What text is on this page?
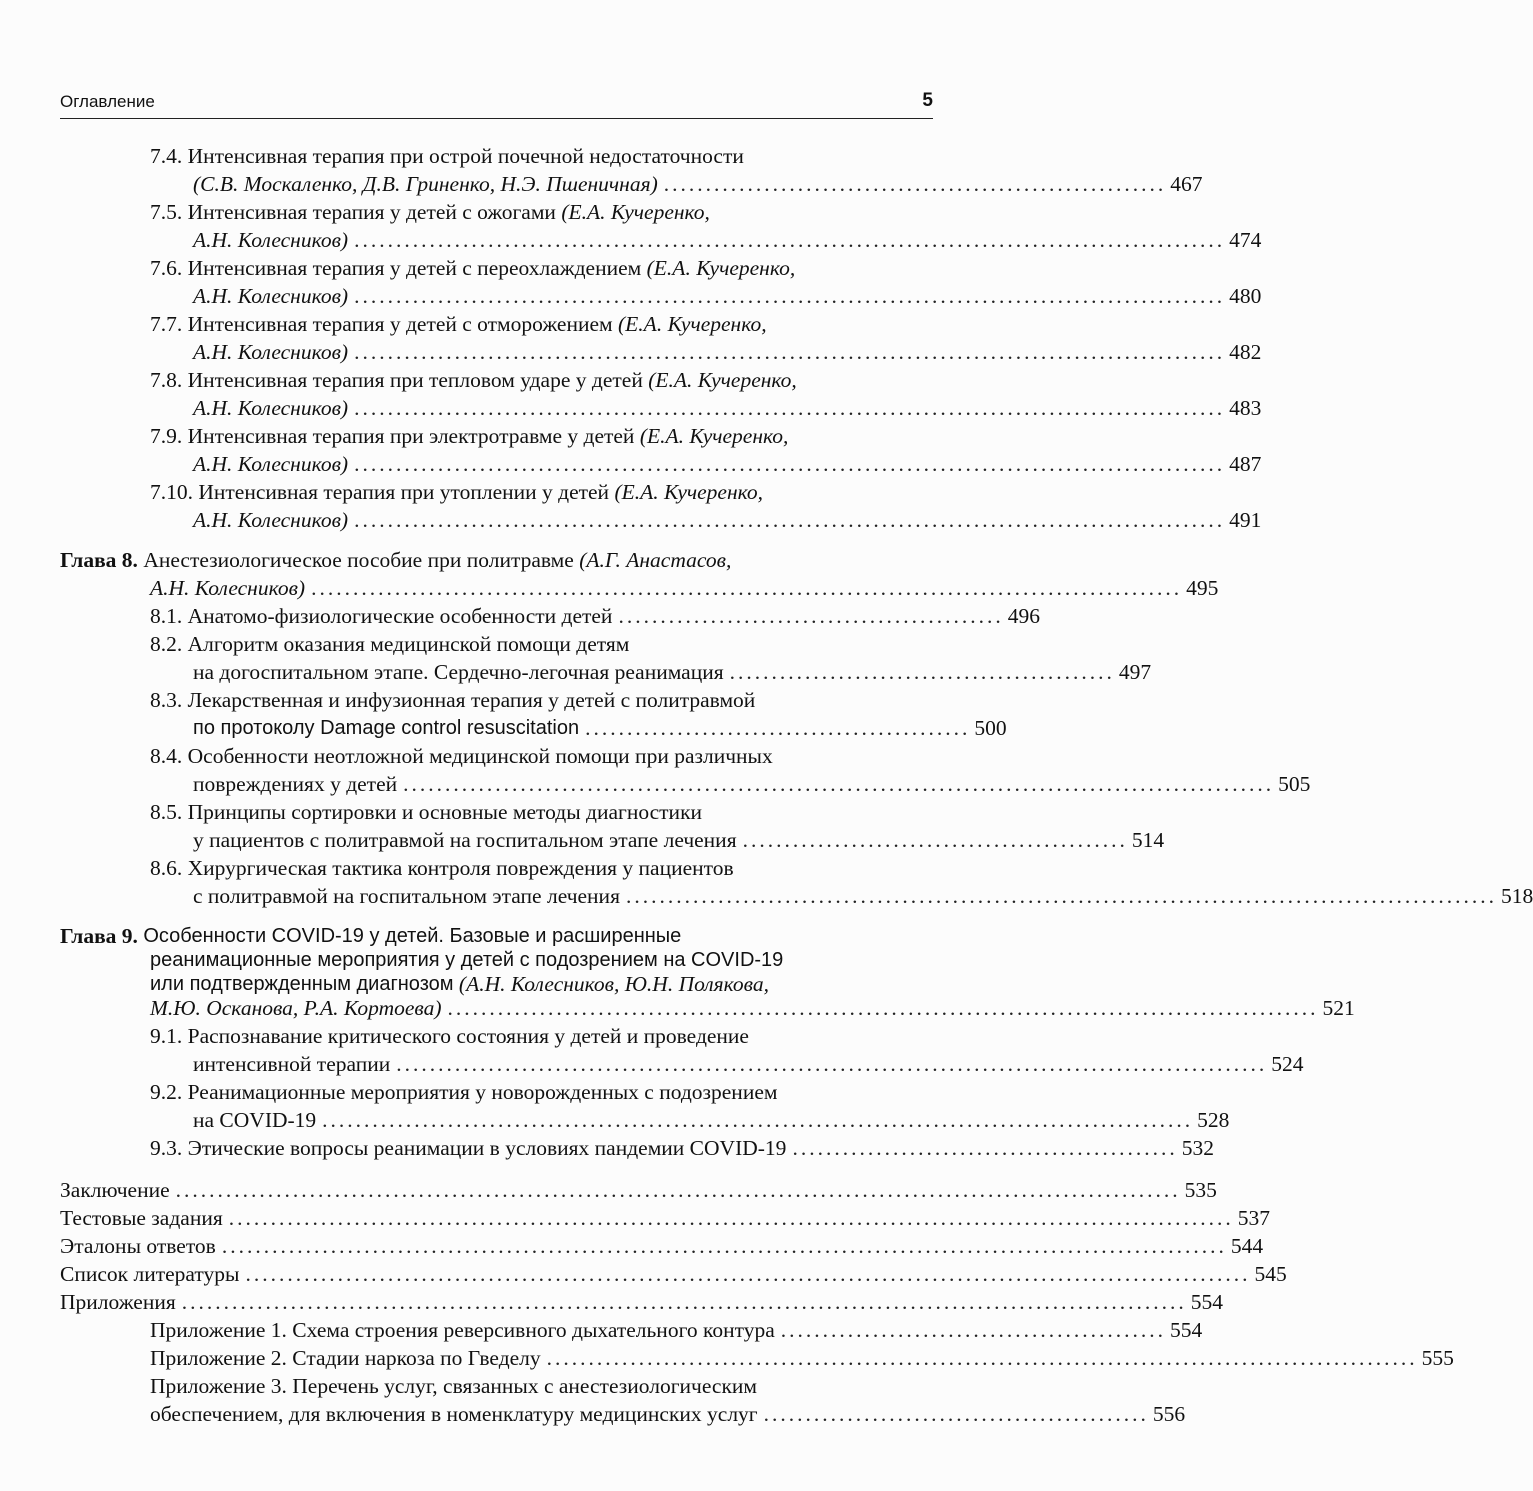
Оглавление	5
7.4.
Интенсивная терапия при острой почечной недостаточности
(С.В. Москаленко, Д.В. Гриненко, Н.Э. Пшеничная) ............................................................ 467
7.5.
Интенсивная терапия у детей с ожогами
(Е.А. Кучеренко,
А.Н. Колесников) ........................................................................................................ 474
7.6.
Интенсивная терапия у детей с переохлаждением
(Е.А. Кучеренко,
А.Н. Колесников) ........................................................................................................ 480
7.7.
Интенсивная терапия у детей с отморожением
(Е.А. Кучеренко,
А.Н. Колесников) ........................................................................................................ 482
7.8.
Интенсивная терапия при тепловом ударе у детей
(Е.А. Кучеренко,
А.Н. Колесников) ........................................................................................................ 483
7.9.
Интенсивная терапия при электротравме у детей
(Е.А. Кучеренко,
А.Н. Колесников) ........................................................................................................ 487
7.10.
Интенсивная терапия при утоплении у детей
(Е.А. Кучеренко,
А.Н. Колесников) ........................................................................................................ 491
Глава 8.
Анестезиологическое пособие при политравме
(А.Г. Анастасов,
А.Н. Колесников) ........................................................................................................ 495
8.1.
Анатомо-физиологические особенности детей .............................................. 496
8.2.
Алгоритм оказания медицинской помощи детям
на догоспитальном этапе. Сердечно-легочная реанимация .............................................. 497
8.3.
Лекарственная и инфузионная терапия у детей с политравмой
по протоколу Damage control resuscitation .............................................. 500
8.4.
Особенности неотложной медицинской помощи при различных
повреждениях у детей ........................................................................................................ 505
8.5.
Принципы сортировки и основные методы диагностики
у пациентов с политравмой на госпитальном этапе лечения .............................................. 514
8.6.
Хирургическая тактика контроля повреждения у пациентов
с политравмой на госпитальном этапе лечения ........................................................................................................ 518
Глава 9.
Особенности COVID-19 у детей. Базовые и расширенные
реанимационные мероприятия у детей с подозрением на COVID-19
или подтвержденным диагнозом
(А.Н. Колесников, Ю.Н. Полякова,
М.Ю. Осканова, Р.А. Кортоева) ........................................................................................................ 521
9.1.
Распознавание критического состояния у детей и проведение
интенсивной терапии ........................................................................................................ 524
9.2.
Реанимационные мероприятия у новорожденных с подозрением
на COVID-19 ........................................................................................................ 528
9.3.
Этические вопросы реанимации в условиях пандемии COVID-19 .............................................. 532
Заключение ........................................................................................................................ 535
Тестовые задания ........................................................................................................................ 537
Эталоны ответов ........................................................................................................................ 544
Список литературы ........................................................................................................................ 545
Приложения ........................................................................................................................ 554
Приложение 1. Схема строения реверсивного дыхательного контура .............................................. 554
Приложение 2. Стадии наркоза по Гведелу ........................................................................................................ 555
Приложение 3. Перечень услуг, связанных с анестезиологическим
обеспечением, для включения в номенклатуру медицинских услуг .............................................. 556
